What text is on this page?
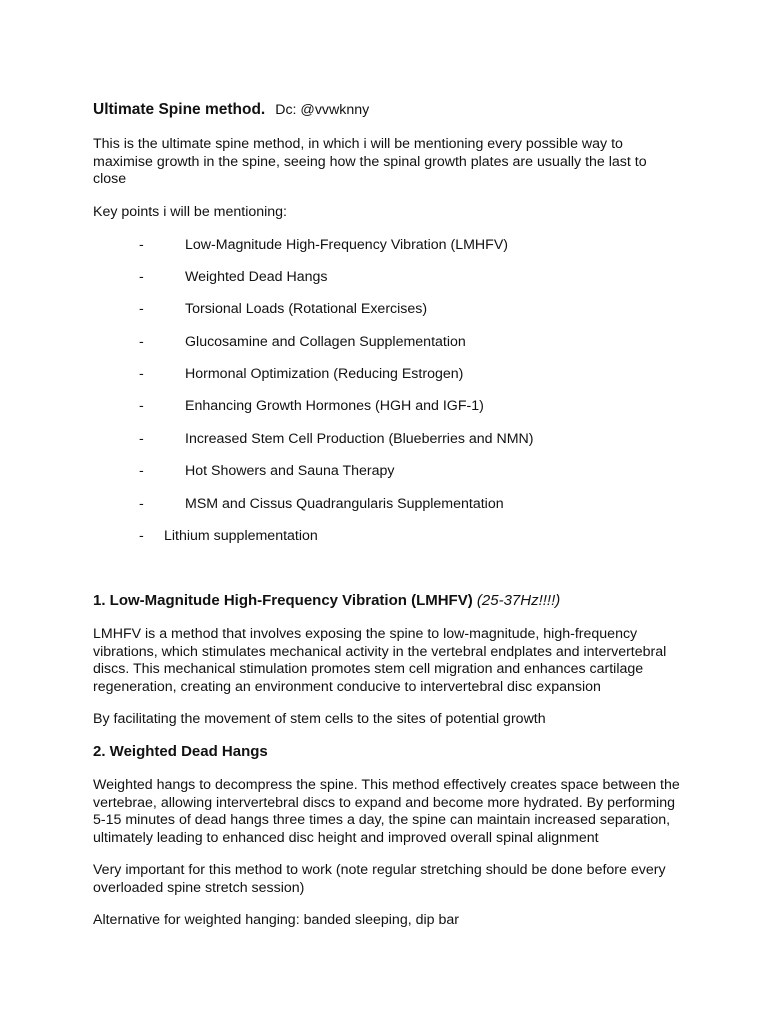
Ultimate Spine method. Dc: @vvwknny

This is the ultimate spine method, in which i will be mentioning every possible way to maximise growth in the spine, seeing how the spinal growth plates are usually the last to close

Key points i will be mentioning:

-	Low-Magnitude High-Frequency Vibration (LMHFV)
-	Weighted Dead Hangs
-	Torsional Loads (Rotational Exercises)
-	Glucosamine and Collagen Supplementation
-	Hormonal Optimization (Reducing Estrogen)
-	Enhancing Growth Hormones (HGH and IGF-1)
-	Increased Stem Cell Production (Blueberries and NMN)
-	Hot Showers and Sauna Therapy
-	MSM and Cissus Quadrangularis Supplementation
- Lithium supplementation
1. Low-Magnitude High-Frequency Vibration (LMHFV) (25-37Hz!!!!)

LMHFV is a method that involves exposing the spine to low-magnitude, high-frequency vibrations, which stimulates mechanical activity in the vertebral endplates and intervertebral discs. This mechanical stimulation promotes stem cell migration and enhances cartilage regeneration, creating an environment conducive to intervertebral disc expansion

By facilitating the movement of stem cells to the sites of potential growth

2. Weighted Dead Hangs

Weighted hangs to decompress the spine. This method effectively creates space between the vertebrae, allowing intervertebral discs to expand and become more hydrated. By performing 5-15 minutes of dead hangs three times a day, the spine can maintain increased separation, ultimately leading to enhanced disc height and improved overall spinal alignment

Very important for this method to work (note regular stretching should be done before every overloaded spine stretch session)

Alternative for weighted hanging: banded sleeping, dip bar
